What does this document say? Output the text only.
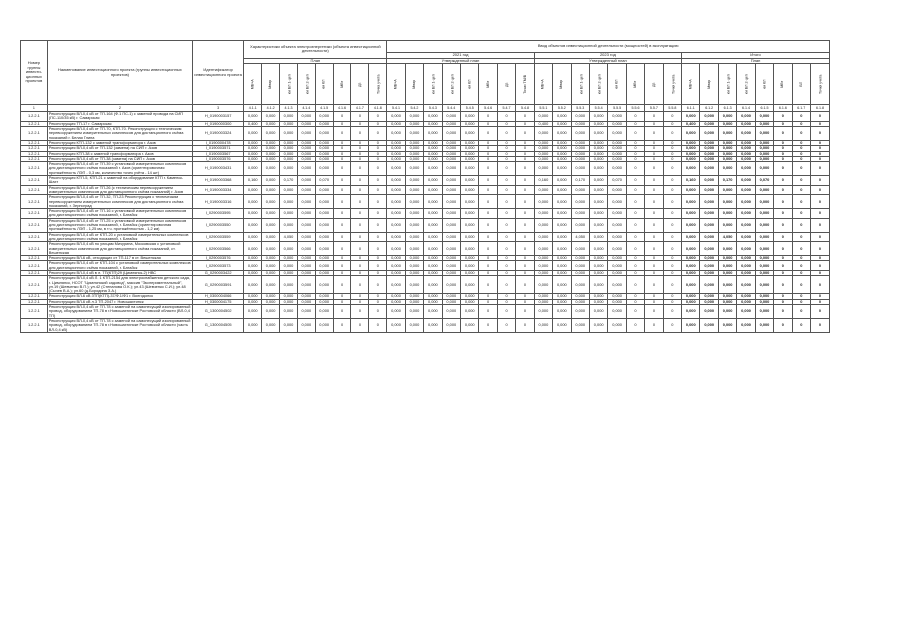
Номер группы инвести-ционных проектов	Наименование инвестиционного проекта (группы инвестиционных проектов)	Идентификатор инвестиционного проекта	Характеристики объекта электроэнергетики (объекта инвестиционной деятельности)								Ввод объектов инвестиционной деятельности (мощностей) в эксплуатацию																							
											2021 год								2023 год								Итого							
			План								Утвержденный план								Утвержденный план								План							
			МВ×А	Мвар	км ВЛ 1-цеп	км ВЛ 2-цеп	км КЛ	МВт	др.	Точка учета	МВ×А	Мвар	км ВЛ 1-цеп	км ВЛ 2-цеп	км КЛ	МВт	др.	Точки ТМ/В	МВ×А	Мвар	км ВЛ 1-цеп	км ВЛ 2-цеп	км КЛ	МВт	др.	Точки учета	МВ×А	Мвар	км ВЛ 1-цеп	км ВЛ 2-цеп	км КЛ	МВт	ВЛ	Точки учета
1	2	3	4.1.1	4.1.2	4.1.3	4.1.4	4.1.5	4.1.6	4.1.7	4.1.8	5.4.1	5.4.2	5.4.3	5.4.4	5.4.5	5.4.6	5.4.7	5.4.8	5.5.1	5.5.2	5.5.3	5.5.4	5.5.5	5.5.6	5.5.7	5.5.8	6.1.1	6.1.2	6.1.3	6.1.4	6.1.5	6.1.6	6.1.7	6.1.8
1.2.2.1	Реконструкция ВЛ-0,4 кВ от ТП-164 (Ф.1 ПС-1) с заменой провода на СИП (ПС-110/35 кВ) г. Самарская	H_0190003157	0,000	0,000	0,000	0,000	0,000	0	0	0	0,000	0,000	0,000	0,000	0,000	0	0	0	0,000	0,000	0,000	0,000	0,000	0	0	0	0,000	0,000	0,000	0,000	0,000	0	0	0
1.2.2.1	Реконструкция ТП-17 г. Самарская	H_0190000300	0,400	0,000	0,000	0,000	0,000	0	0	0	0,000	0,000	0,000	0,000	0,000	0	0	0	0,400	0,000	0,000	0,000	0,000	0	0	0	0,400	0,000	0,000	0,000	0,000	0	0	0
1.2.2.1	Реконструкция ВЛ-0,4 кВ от ТП-70, КТП-70. Реконструкция с техническим перевооружением измерительных комплексов для дистанционного съёма показаний г. Белая Глина	H_0190003324	0,000	0,000	0,000	0,000	0,000	0	0	0	0,000	0,000	0,000	0,000	0,000	0	0	0	0,000	0,000	0,000	0,000	0,000	0	0	0	0,000	0,000	0,000	0,000	0,000	0	0	0
1.2.2.1	Реконструкция КТП-132 с заменой трансформатора г. Азов	I_0190000478	0,000	0,000	0,000	0,000	0,000	0	0	0	0,000	0,000	0,000	0,000	0,000	0	0	0	0,000	0,000	0,000	0,000	0,000	0	0	0	0,000	0,000	0,000	0,000	0,000	0	0	0
1.2.2.1	Реконструкция ВЛ-0,4 кВ от ТП-132 (замена) на СИП г. Азов	I_0190003571	0,000	0,000	0,000	0,000	0,000	0	0	0	0,000	0,000	0,000	0,000	0,000	0	0	0	0,000	0,000	0,000	0,000	0,000	0	0	0	0,000	0,000	0,000	0,000	0,000	0	0	0
1.2.2.1	Реконструкция КТП-38 с заменой трансформатора г. Азов	I_0190003567	0,000	0,000	0,000	0,000	0,000	0	0	0	0,000	0,000	0,000	0,000	0,000	0	0	0	0,000	0,000	0,000	0,000	0,000	0	0	0	0,000	0,000	0,000	0,000	0,000	0	0	0
1.2.2.1	Реконструкция ВЛ-0,4 кВ от ТП-38 (замена) на СИП г. Азов	I_0190003576	0,000	0,000	0,000	0,000	0,000	0	0	0	0,000	0,000	0,000	0,000	0,000	0	0	0	0,000	0,000	0,000	0,000	0,000	0	0	0	0,000	0,000	0,000	0,000	0,000	0	0	0
1.2.2.1	Реконструкция ВЛ-0,4 кВ от ТП-39 с установкой измерительных комплексов для дистанционного съёма показаний г. Азов (ориентировочная протяжённость ЛЭП - 0,3 км, количество точек учёта - 14 шт)	H_0190003431	0,000	0,000	0,000	0,000	0,000	0	0	0	0,000	0,000	0,000	0,000	0,000	0	0	0	0,000	0,000	0,000	0,000	0,000	0	0	0	0,000	0,000	0,000	0,000	0,000	0	0	0
1.2.2.1	Реконструкция КТП-5, КТП-21 с заменой на оборудование КТП г. Каменск-Шахт	H_0190003368	0,160	0,000	0,170	0,000	0,070	0	0	0	0,000	0,000	0,000	0,000	0,000	0	0	0	0,160	0,000	0,170	0,000	0,070	0	0	0	0,160	0,000	0,170	0,000	0,070	0	0	0
1.2.2.1	Реконструкция ВЛ-0,4 кВ от ТП-26 (с техническим перевооружением измерительных комплексов для дистанционного съёма показаний) г. Азов	H_0190003334	0,000	0,000	0,000	0,000	0,000	0	0	0	0,000	0,000	0,000	0,000	0,000	0	0	0	0,000	0,000	0,000	0,000	0,000	0	0	0	0,000	0,000	0,000	0,000	0,000	0	0	0
1.2.2.1	Реконструкция ВЛ-0,4 кВ от ТП-32, ТП-23 Реконструкция с техническим перевооружением измерительных комплексов для дистанционного съёма показаний, г. Зерноград	H_0190003316	0,000	0,000	0,000	0,000	0,000	0	0	0	0,000	0,000	0,000	0,000	0,000	0	0	0	0,000	0,000	0,000	0,000	0,000	0	0	0	0,000	0,000	0,000	0,000	0,000	0	0	0
1.2.2.1	Реконструкция ВЛ-0,4 кВ от ТП-16 с установкой измерительных комплексов для дистанционного съёма показаний, г. Батайск	I_0290003595	0,000	0,000	0,000	0,000	0,000	0	0	0	0,000	0,000	0,000	0,000	0,000	0	0	0	0,000	0,000	0,000	0,000	0,000	0	0	0	0,000	0,000	0,000	0,000	0,000	0	0	0
1.2.2.1	Реконструкция ВЛ-0,4 кВ от ТП-25 с установкой измерительных комплексов для дистанционного съёма показаний, г. Батайск (ориентировочная протяжённость ЛЭП - 1,25 км, в т.ч. протяжённостью - 1,2 км)	I_0290003550	0,000	0,000	0,000	0,000	0,000	0	0	0	0,000	0,000	0,000	0,000	0,000	0	0	0	0,000	0,000	0,000	0,000	0,000	0	0	0	0,000	0,000	0,000	0,000	0,000	0	0	0
1.2.2.1	Реконструкция ВЛ-0,4 кВ от КТП-20 с установкой измерительных комплексов для дистанционного съёма показаний, г. Батайск	I_0290003559	0,000	0,000	4,050	0,000	0,000	0	0	0	0,000	0,000	0,000	0,000	0,000	0	0	0	0,000	0,000	4,050	0,000	0,000	0	0	0	0,000	0,000	4,050	0,000	0,000	0	0	0
1.2.2.1	Реконструкция ВЛ-0,4 кВ по улицам Мичурина, Московская с установкой измерительных комплексов для дистанционного съёма показаний, ст. Вешенская	I_0290003566	0,000	0,000	0,000	0,000	0,000	0	0	0	0,000	0,000	0,000	0,000	0,000	0	0	0	0,000	0,000	0,000	0,000	0,000	0	0	0	0,000	0,000	0,000	0,000	0,000	0	0	0
1.2.2.1	Реконструкция ВЛ-6 кВ, отходящих от ТП-117 в ст. Вешенская	I_0290003576	0,000	0,000	0,000	0,000	0,000	0	0	0	0,000	0,000	0,000	0,000	0,000	0	0	0	0,000	0,000	0,000	0,000	0,000	0	0	0	0,000	0,000	0,000	0,000	0,000	0	0	0
1.2.2.1	Реконструкция ВЛ-0,4 кВ от КТП-104 с установкой измерительных комплексов для дистанционного съёма показаний, г. Батайск	I_0290003573	0,000	0,000	0,000	0,000	0,000	0	0	0	0,000	0,000	0,000	0,000	0,000	0	0	0	0,000	0,000	0,000	0,000	0,000	0	0	0	0,000	0,000	0,000	0,000	0,000	0	0	0
1.2.2.1	Реконструкция ВЛ-0,4 кВ в л. ТП(КТП)29 (Цимлянск-2) НВС	G_0290003422	0,000	0,000	0,000	0,000	0,000	0	0	0	0,000	0,000	0,000	0,000	0,000	0	0	0	0,000	0,000	0,000	0,000	0,000	0	0	0	0,000	0,000	0,000	0,000	0,000	0	0	0
1.2.2.1	Реконструкция ВЛ-0,4 кВ Л. 1 КТП-2154 для электроснабжения детского сада, г. Цимлянск, НСОТ "Цимлянский садовод", массив "Экспериментальный", ул.19 (Шевченко В.П.); ул.42 (Степанова О.К.); ул.43 (Шевченко С.И.); ул.48 (Сычев В.А.); ул.60 (д.Бородина З.А.)	G_0290003591	0,000	0,000	0,000	0,000	0,000	0	0	0	0,000	0,000	0,000	0,000	0,000	0	0	0	0,000	0,000	0,000	0,000	0,000	0	0	0	0,000	0,000	0,000	0,000	0,000	0	0	0
1.2.2.1	Реконструкция ВЛ-6 кВ ЗТП(КТП)-37/Ф.1/Ф1 г. Волгодонск	H_0300004066	0,000	0,000	0,000	0,000	0,000	0	0	0	0,000	0,000	0,000	0,000	0,000	0	0	0	0,000	0,000	0,000	0,000	0,000	0	0	0	0,000	0,000	0,000	0,000	0,000	0	0	0
1.2.2.1	Реконструкция ВЛ-6 кВ л.3 ТП-2047 г. Новошахтинск	H_0300004175	0,000	0,000	0,000	0,000	0,000	0	0	0	0,000	0,000	0,000	0,000	0,000	0	0	0	0,000	0,000	0,000	0,000	0,000	0	0	0	0,000	0,000	0,000	0,000	0,000	0	0	0
1.2.2.1	Реконструкция ВЛ-0,4 кВ от ТП-78 с заменой на самонесущий изолированный провод, оборудованием ТП-78 в г.Новошахтинске Ростовской области (ВЛ-0,4 ТП)	G_1300004502	0,000	0,000	0,000	0,000	0,000	0	0	0	0,000	0,000	0,000	0,000	0,000	0	0	0	0,000	0,000	0,000	0,000	0,000	0	0	0	0,000	0,000	0,000	0,000	0,000	0	0	0
1.2.2.1	Реконструкция ВЛ-0,4 кВ от ТП-78 с заменой на самонесущий изолированный провод, оборудованием ТП-78 в г.Новошахтинске Ростовской области (часть ВЛ-0,4 кВ)	G_1300004505	0,000	0,000	0,000	0,000	0,000	0	0	0	0,000	0,000	0,000	0,000	0,000	0	0	0	0,000	0,000	0,000	0,000	0,000	0	0	0	0,000	0,000	0,000	0,000	0,000	0	0	0
